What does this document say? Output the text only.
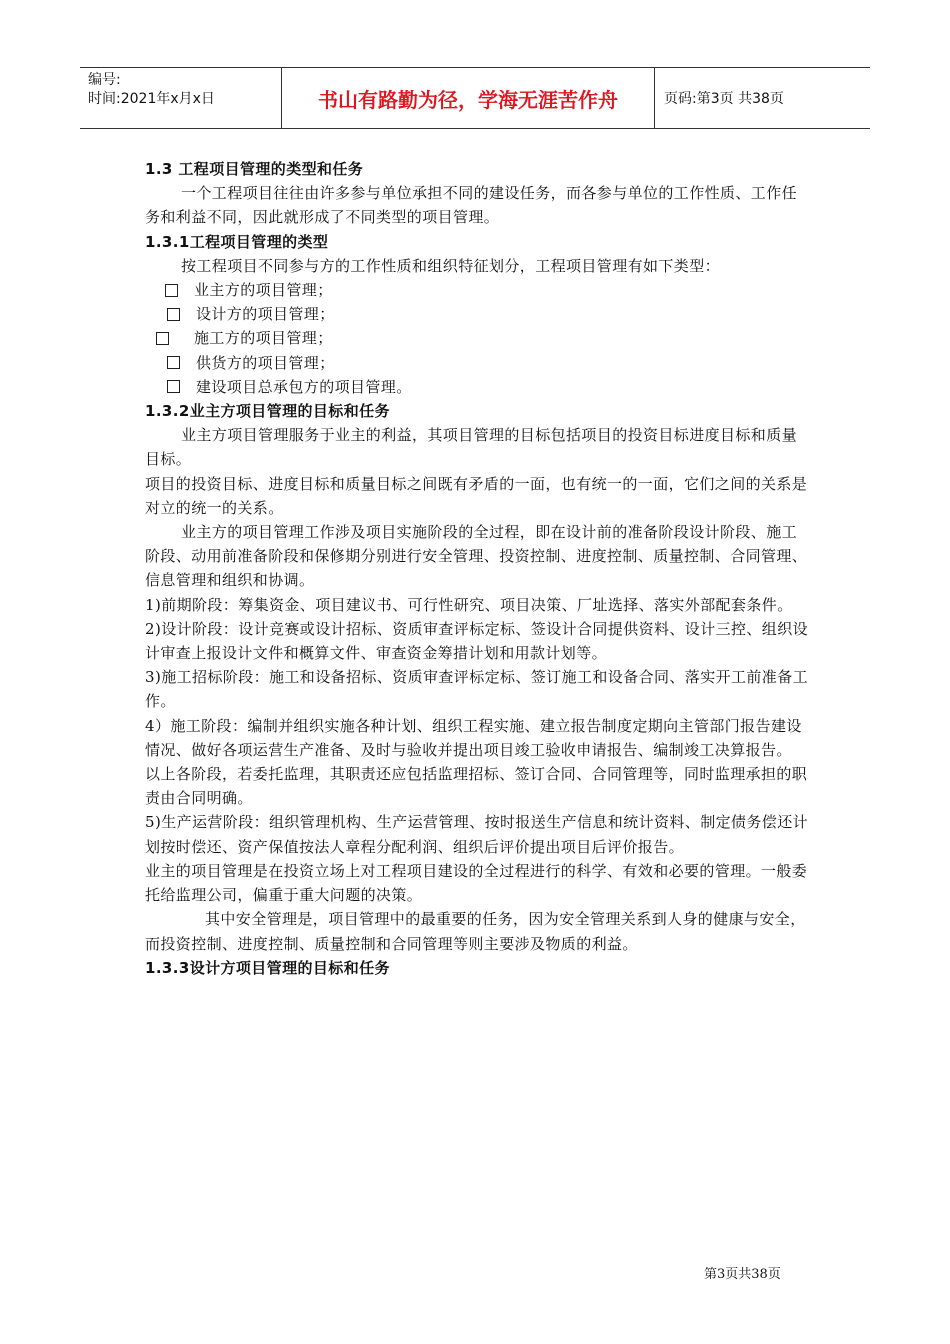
编号:
时间:2021年x月x日	书山有路勤为径，学海无涯苦作舟	页码:第3页 共38页

1.3 工程项目管理的类型和任务

一个工程项目往往由许多参与单位承担不同的建设任务，而各参与单位的工作性质、工作任务和利益不同，因此就形成了不同类型的项目管理。

1.3.1工程项目管理的类型

按工程项目不同参与方的工作性质和组织特征划分，工程项目管理有如下类型：

业主方的项目管理；
设计方的项目管理；
施工方的项目管理；
供货方的项目管理；
建设项目总承包方的项目管理。

1.3.2业主方项目管理的目标和任务

业主方项目管理服务于业主的利益，其项目管理的目标包括项目的投资目标进度目标和质量目标。

项目的投资目标、进度目标和质量目标之间既有矛盾的一面，也有统一的一面，它们之间的关系是对立的统一的关系。

业主方的项目管理工作涉及项目实施阶段的全过程，即在设计前的准备阶段设计阶段、施工阶段、动用前准备阶段和保修期分别进行安全管理、投资控制、进度控制、质量控制、合同管理、信息管理和组织和协调。

1)前期阶段：筹集资金、项目建议书、可行性研究、项目决策、厂址选择、落实外部配套条件。

2)设计阶段：设计竞赛或设计招标、资质审查评标定标、签设计合同提供资料、设计三控、组织设计审查上报设计文件和概算文件、审查资金筹措计划和用款计划等。

3)施工招标阶段：施工和设备招标、资质审查评标定标、签订施工和设备合同、落实开工前准备工作。

4）施工阶段：编制并组织实施各种计划、组织工程实施、建立报告制度定期向主管部门报告建设情况、做好各项运营生产准备、及时与验收并提出项目竣工验收申请报告、编制竣工决算报告。

以上各阶段，若委托监理，其职责还应包括监理招标、签订合同、合同管理等，同时监理承担的职责由合同明确。

5)生产运营阶段：组织管理机构、生产运营管理、按时报送生产信息和统计资料、制定债务偿还计划按时偿还、资产保值按法人章程分配利润、组织后评价提出项目后评价报告。

业主的项目管理是在投资立场上对工程项目建设的全过程进行的科学、有效和必要的管理。一般委托给监理公司，偏重于重大问题的决策。

其中安全管理是，项目管理中的最重要的任务，因为安全管理关系到人身的健康与安全，而投资控制、进度控制、质量控制和合同管理等则主要涉及物质的利益。

1.3.3设计方项目管理的目标和任务

第3页共38页
